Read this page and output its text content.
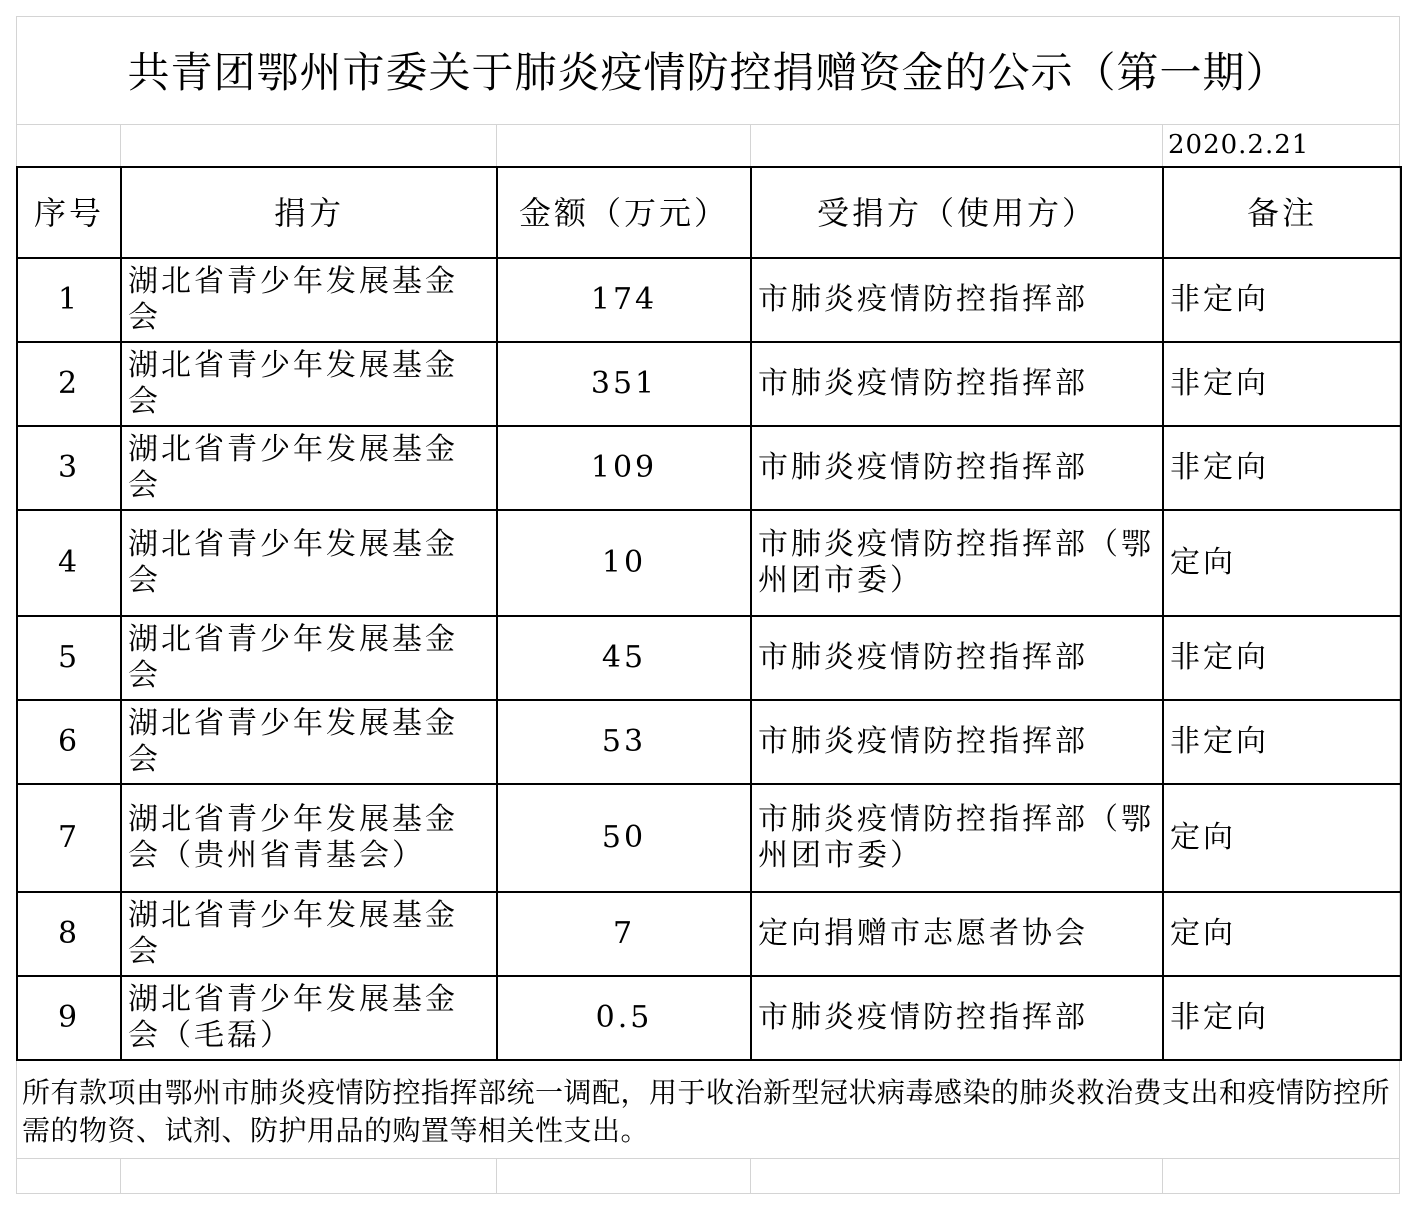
共青团鄂州市委关于肺炎疫情防控捐赠资金的公示（第一期）
2020.2.21
序号	捐方	金额（万元）	受捐方（使用方）	备注
1	湖北省青少年发展基金会	174	市肺炎疫情防控指挥部	非定向
2	湖北省青少年发展基金会	351	市肺炎疫情防控指挥部	非定向
3	湖北省青少年发展基金会	109	市肺炎疫情防控指挥部	非定向
4	湖北省青少年发展基金会	10	市肺炎疫情防控指挥部（鄂州团市委）	定向
5	湖北省青少年发展基金会	45	市肺炎疫情防控指挥部	非定向
6	湖北省青少年发展基金会	53	市肺炎疫情防控指挥部	非定向
7	湖北省青少年发展基金会（贵州省青基会）	50	市肺炎疫情防控指挥部（鄂州团市委）	定向
8	湖北省青少年发展基金会	7	定向捐赠市志愿者协会	定向
9	湖北省青少年发展基金会（毛磊）	0.5	市肺炎疫情防控指挥部	非定向
所有款项由鄂州市肺炎疫情防控指挥部统一调配，用于收治新型冠状病毒感染的肺炎救治费支出和疫情防控所需的物资、试剂、防护用品的购置等相关性支出。
